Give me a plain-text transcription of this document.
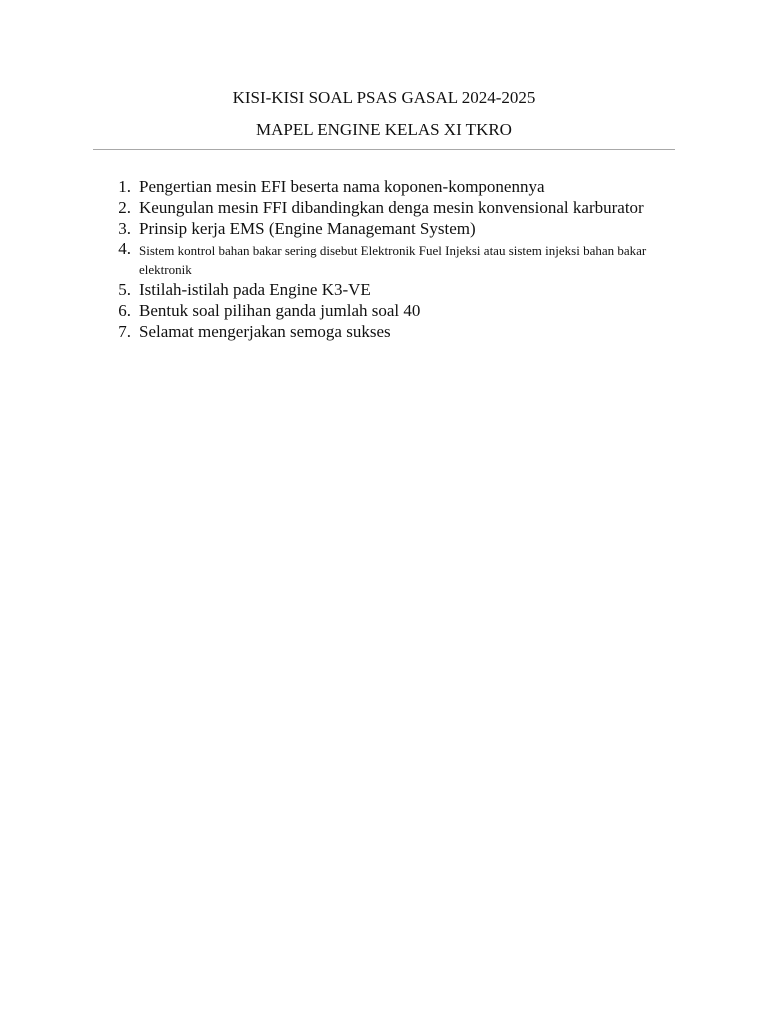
KISI-KISI SOAL PSAS GASAL 2024-2025
MAPEL ENGINE KELAS XI TKRO
1. Pengertian mesin EFI beserta nama koponen-komponennya
2. Keungulan mesin FFI dibandingkan denga mesin konvensional karburator
3. Prinsip kerja EMS (Engine Managemant System)
4. Sistem kontrol bahan bakar sering disebut Elektronik Fuel Injeksi atau sistem injeksi bahan bakar elektronik
5. Istilah-istilah pada Engine K3-VE
6. Bentuk soal pilihan ganda jumlah soal 40
7. Selamat mengerjakan semoga sukses
